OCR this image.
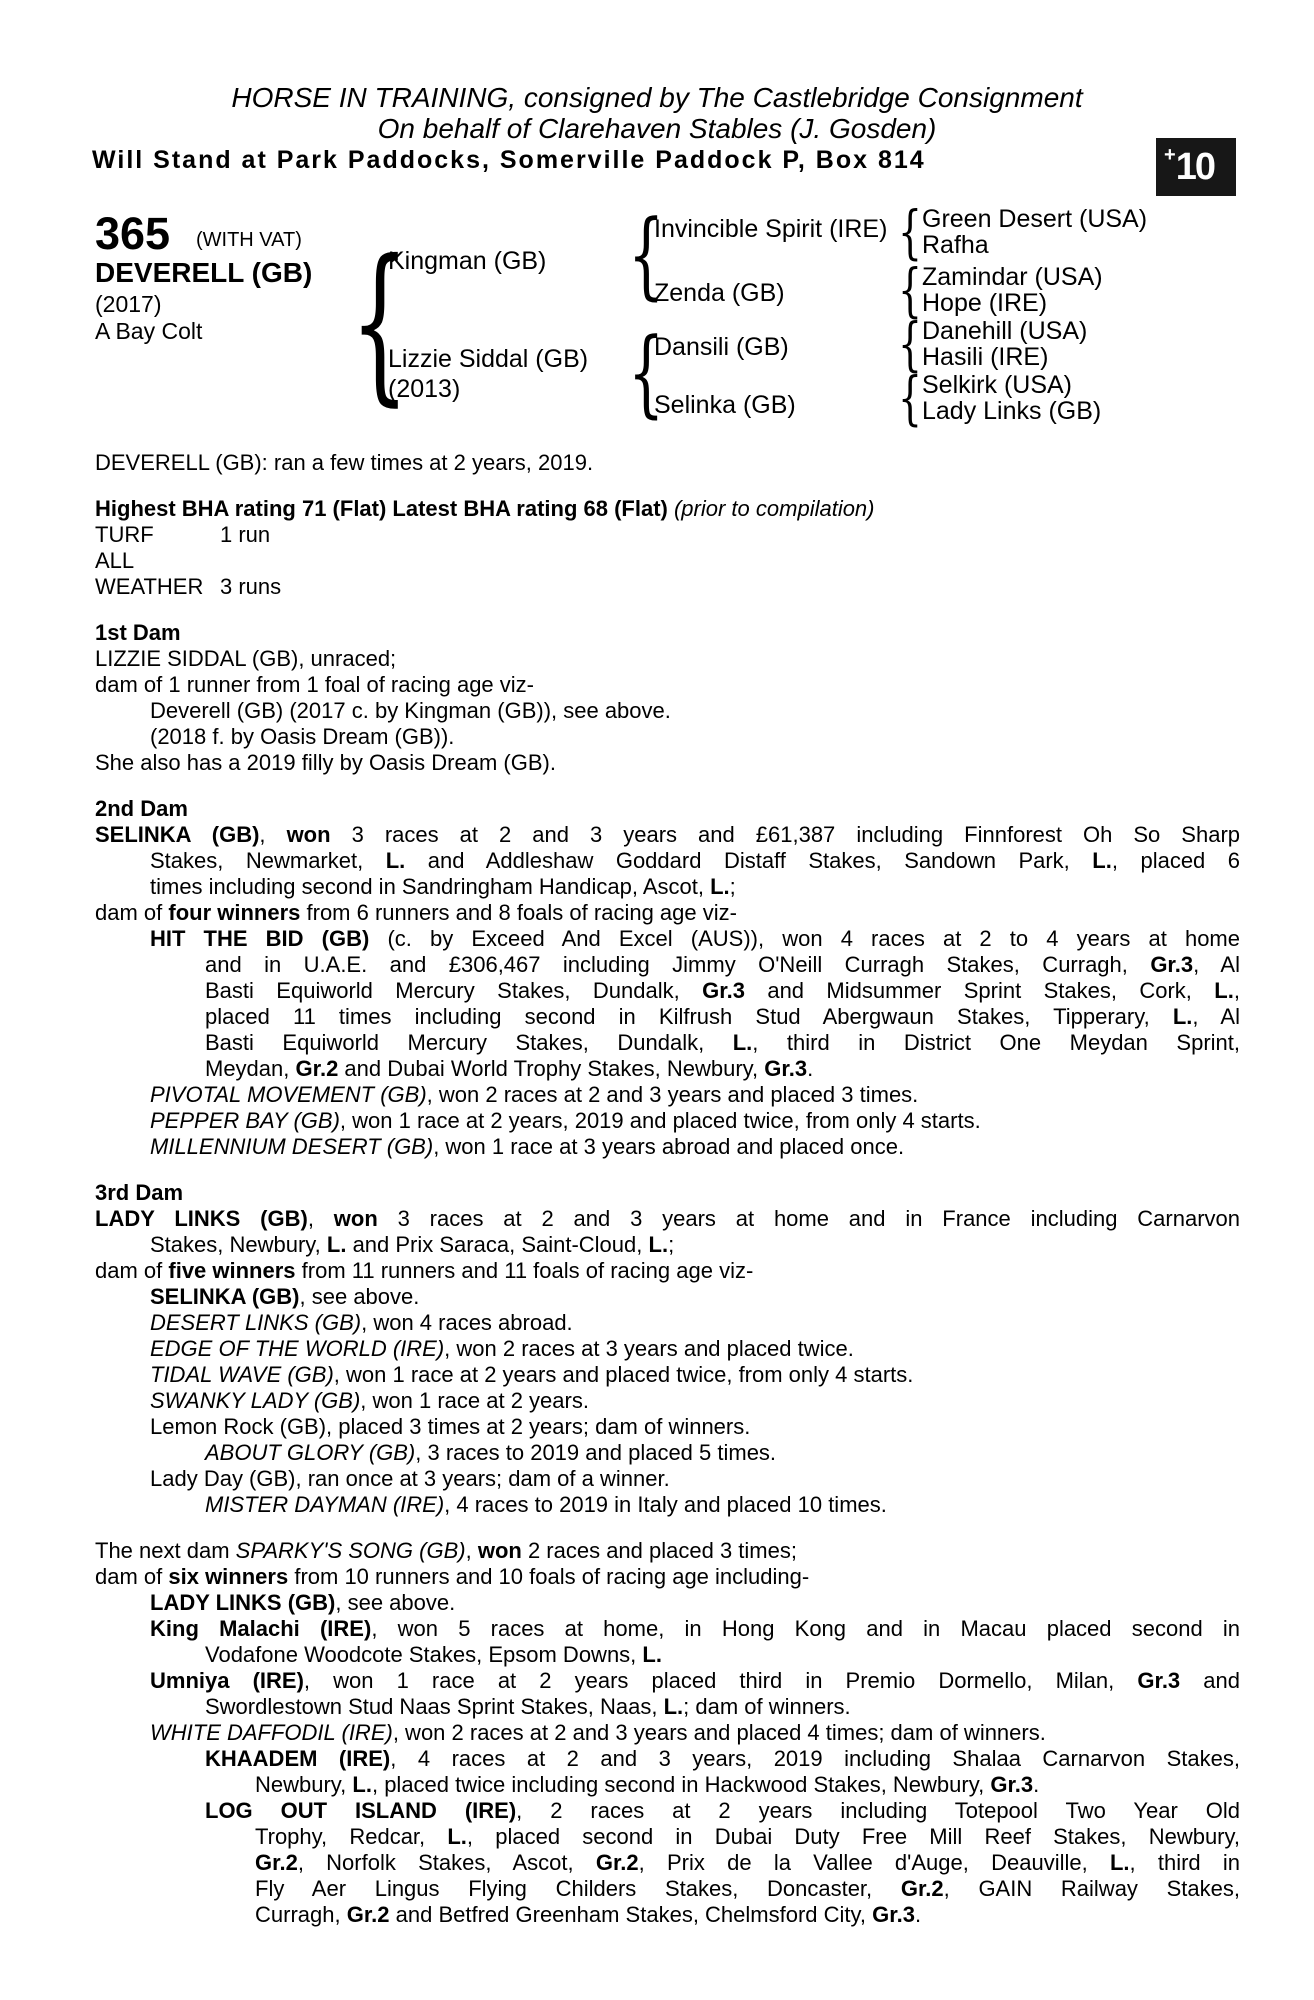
HORSE IN TRAINING, consigned by The Castlebridge Consignment
On behalf of Clarehaven Stables (J. Gosden)
Will Stand at Park Paddocks, Somerville Paddock P, Box 814	+ 10
365 (WITH VAT)
DEVERELL (GB)
(2017)
A Bay Colt { {
{
{
{
{
{
Kingman (GB)
Lizzie Siddal (GB)
(2013)
Invincible Spirit (IRE)
Zenda (GB)
Dansili (GB)
Selinka (GB)
Green Desert (USA)
Rafha
Zamindar (USA)
Hope (IRE)
Danehill (USA)
Hasili (IRE)
Selkirk (USA)
Lady Links (GB)
DEVERELL (GB): ran a few times at 2 years, 2019.
Highest BHA rating 71 (Flat) Latest BHA rating 68 (Flat) (prior to compilation)
TURF	1 run
ALL WEATHER 3 runs
1st Dam
LIZZIE SIDDAL (GB), unraced;
dam of 1 runner from 1 foal of racing age viz-
Deverell (GB) (2017 c. by Kingman (GB)), see above.
(2018 f. by Oasis Dream (GB)).
She also has a 2019 filly by Oasis Dream (GB).
2nd Dam
SELINKA (GB), won 3 races at 2 and 3 years and £61,387 including Finnforest Oh So Sharp
Stakes, Newmarket, L. and Addleshaw Goddard Distaff Stakes, Sandown Park, L., placed 6
times including second in Sandringham Handicap, Ascot, L.;
dam of four winners from 6 runners and 8 foals of racing age viz-
HIT THE BID (GB) (c. by Exceed And Excel (AUS)), won 4 races at 2 to 4 years at home
and in U.A.E. and £306,467 including Jimmy O'Neill Curragh Stakes, Curragh, Gr.3, Al
Basti Equiworld Mercury Stakes, Dundalk, Gr.3 and Midsummer Sprint Stakes, Cork, L.,
placed 11 times including second in Kilfrush Stud Abergwaun Stakes, Tipperary, L., Al
Basti Equiworld Mercury Stakes, Dundalk, L., third in District One Meydan Sprint,
Meydan, Gr.2 and Dubai World Trophy Stakes, Newbury, Gr.3.
PIVOTAL MOVEMENT (GB), won 2 races at 2 and 3 years and placed 3 times.
PEPPER BAY (GB), won 1 race at 2 years, 2019 and placed twice, from only 4 starts.
MILLENNIUM DESERT (GB), won 1 race at 3 years abroad and placed once.
3rd Dam
LADY LINKS (GB), won 3 races at 2 and 3 years at home and in France including Carnarvon
Stakes, Newbury, L. and Prix Saraca, Saint-Cloud, L.;
dam of five winners from 11 runners and 11 foals of racing age viz-
SELINKA (GB), see above.
DESERT LINKS (GB), won 4 races abroad.
EDGE OF THE WORLD (IRE), won 2 races at 3 years and placed twice.
TIDAL WAVE (GB), won 1 race at 2 years and placed twice, from only 4 starts.
SWANKY LADY (GB), won 1 race at 2 years.
Lemon Rock (GB), placed 3 times at 2 years; dam of winners.
ABOUT GLORY (GB), 3 races to 2019 and placed 5 times.
Lady Day (GB), ran once at 3 years; dam of a winner.
MISTER DAYMAN (IRE), 4 races to 2019 in Italy and placed 10 times.
The next dam SPARKY'S SONG (GB), won 2 races and placed 3 times;
dam of six winners from 10 runners and 10 foals of racing age including-
LADY LINKS (GB), see above.
King Malachi (IRE), won 5 races at home, in Hong Kong and in Macau placed second in
Vodafone Woodcote Stakes, Epsom Downs, L.
Umniya (IRE), won 1 race at 2 years placed third in Premio Dormello, Milan, Gr.3 and
Swordlestown Stud Naas Sprint Stakes, Naas, L.; dam of winners.
WHITE DAFFODIL (IRE), won 2 races at 2 and 3 years and placed 4 times; dam of winners.
KHAADEM (IRE), 4 races at 2 and 3 years, 2019 including Shalaa Carnarvon Stakes,
Newbury, L., placed twice including second in Hackwood Stakes, Newbury, Gr.3.
LOG OUT ISLAND (IRE), 2 races at 2 years including Totepool Two Year Old
Trophy, Redcar, L., placed second in Dubai Duty Free Mill Reef Stakes, Newbury,
Gr.2, Norfolk Stakes, Ascot, Gr.2, Prix de la Vallee d'Auge, Deauville, L., third in
Fly Aer Lingus Flying Childers Stakes, Doncaster, Gr.2, GAIN Railway Stakes,
Curragh, Gr.2 and Betfred Greenham Stakes, Chelmsford City, Gr.3.
